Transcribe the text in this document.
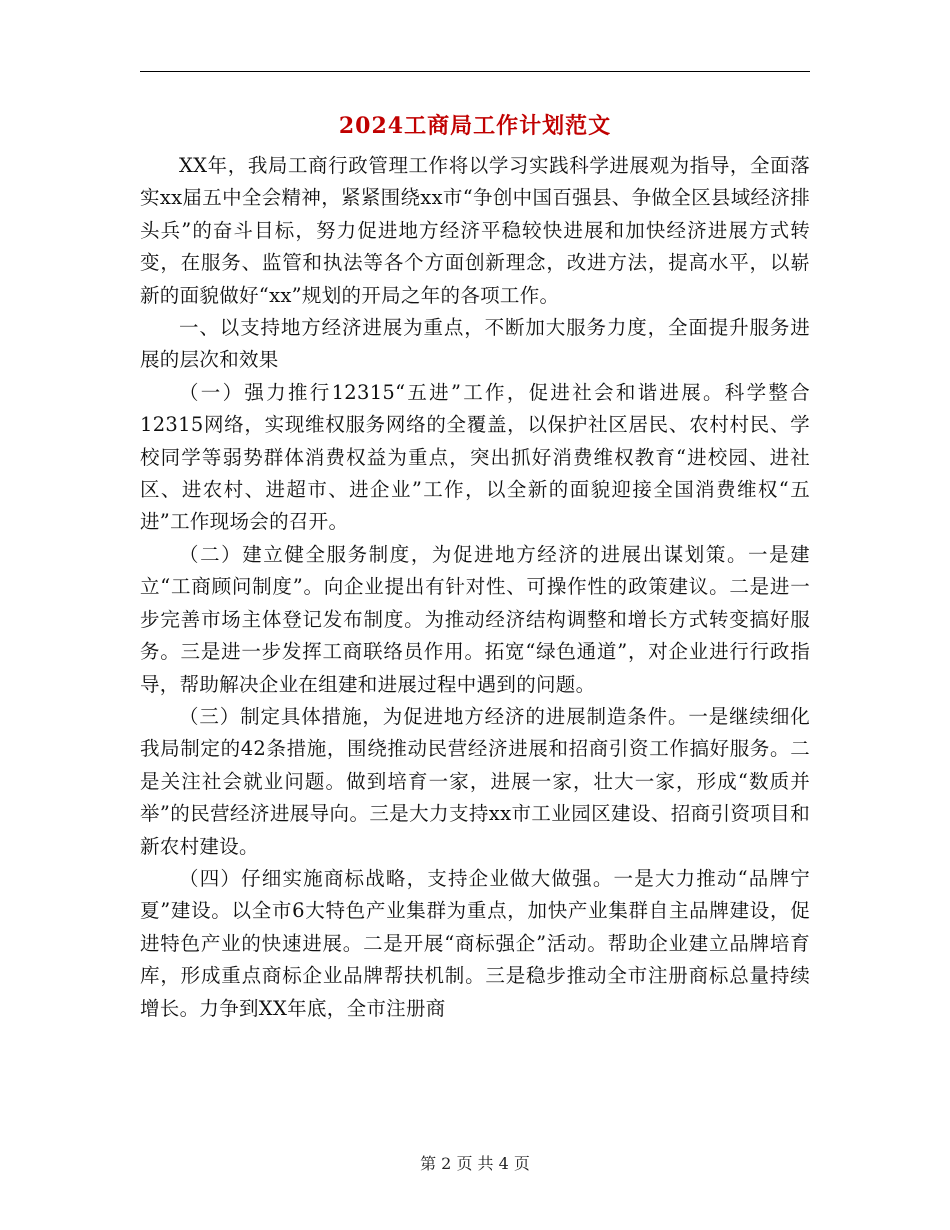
2024工商局工作计划范文

XX年，我局工商行政管理工作将以学习实践科学进展观为指导，全面落实xx届五中全会精神，紧紧围绕xx市“争创中国百强县、争做全区县域经济排头兵”的奋斗目标，努力促进地方经济平稳较快进展和加快经济进展方式转变，在服务、监管和执法等各个方面创新理念，改进方法，提高水平，以崭新的面貌做好“xx”规划的开局之年的各项工作。

一、以支持地方经济进展为重点，不断加大服务力度，全面提升服务进展的层次和效果

（一）强力推行12315“五进”工作，促进社会和谐进展。科学整合12315网络，实现维权服务网络的全覆盖，以保护社区居民、农村村民、学校同学等弱势群体消费权益为重点，突出抓好消费维权教育“进校园、进社区、进农村、进超市、进企业”工作，以全新的面貌迎接全国消费维权“五进”工作现场会的召开。

（二）建立健全服务制度，为促进地方经济的进展出谋划策。一是建立“工商顾问制度”。向企业提出有针对性、可操作性的政策建议。二是进一步完善市场主体登记发布制度。为推动经济结构调整和增长方式转变搞好服务。三是进一步发挥工商联络员作用。拓宽“绿色通道”，对企业进行行政指导，帮助解决企业在组建和进展过程中遇到的问题。

（三）制定具体措施，为促进地方经济的进展制造条件。一是继续细化我局制定的42条措施，围绕推动民营经济进展和招商引资工作搞好服务。二是关注社会就业问题。做到培育一家，进展一家，壮大一家，形成“数质并举”的民营经济进展导向。三是大力支持xx市工业园区建设、招商引资项目和新农村建设。

（四）仔细实施商标战略，支持企业做大做强。一是大力推动“品牌宁夏”建设。以全市6大特色产业集群为重点，加快产业集群自主品牌建设，促进特色产业的快速进展。二是开展“商标强企”活动。帮助企业建立品牌培育库，形成重点商标企业品牌帮扶机制。三是稳步推动全市注册商标总量持续增长。力争到XX年底，全市注册商

第 2 页 共 4 页
